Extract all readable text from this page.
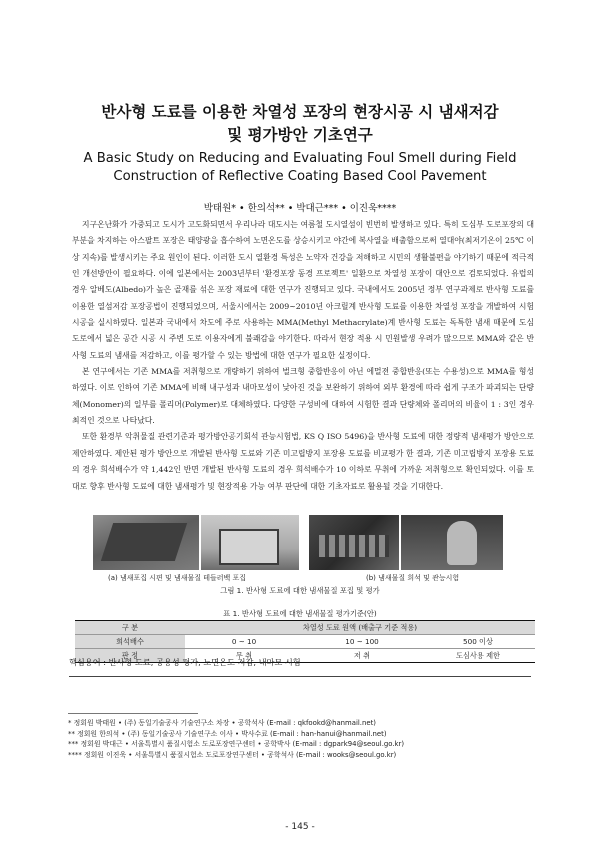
반사형 도료를 이용한 차열성 포장의 현장시공 시 냄새저감
및 평가방안 기초연구
A Basic Study on Reducing and Evaluating Foul Smell during Field
Construction of Reflective Coating Based Cool Pavement
박태원* • 한의석** • 박대근*** • 이진욱****

지구온난화가 가중되고 도시가 고도화되면서 우리나라 대도시는 여름철 도시열섬이 빈번히 발생하고 있다. 특히 도심부 도로포장의 대부분을 차지하는 아스팔트 포장은 태양광을 흡수하여 노면온도를 상승시키고 야간에 복사열을 배출함으로써 열대야(최저기온이 25℃ 이상 지속)를 발생시키는 주요 원인이 된다. 이러한 도시 열환경 특성은 노약자 건강을 저해하고 시민의 생활불편을 야기하기 때문에 적극적인 개선방안이 필요하다. 이에 일본에서는 2003년부터 '환경포장 동경 프로젝트' 일환으로 차열성 포장이 대안으로 검토되었다. 유럽의 경우 알베도(Albedo)가 높은 골재를 섞은 포장 재료에 대한 연구가 진행되고 있다. 국내에서도 2005년 정부 연구과제로 반사형 도료를 이용한 열섬저감 포장공법이 진행되었으며, 서울시에서는 2009~2010년 아크릴계 반사형 도료를 이용한 차열성 포장을 개발하여 시험시공을 실시하였다. 일본과 국내에서 차도에 주로 사용하는 MMA(Methyl Methacrylate)계 반사형 도료는 독특한 냄새 때문에 도심 도로에서 넓은 공간 시공 시 주변 도로 이용자에게 불쾌감을 야기한다. 따라서 현장 적용 시 민원발생 우려가 많으므로 MMA와 같은 반사형 도료의 냄새를 저감하고, 이를 평가할 수 있는 방법에 대한 연구가 필요한 실정이다.

본 연구에서는 기존 MMA를 저취형으로 개량하기 위하여 벌크형 중합반응이 아닌 에멀젼 중합반응(또는 수용성)으로 MMA를 형성하였다. 이로 인하여 기존 MMA에 비해 내구성과 내마모성이 낮아진 것을 보완하기 위하여 외부 환경에 따라 쉽게 구조가 파괴되는 단량체(Monomer)의 일부를 폴리머(Polymer)로 대체하였다. 다양한 구성비에 대하여 시험한 결과 단량체와 폴리머의 비율이 1 : 3인 경우 최적인 것으로 나타났다.

또한 환경부 악취물질 관련기준과 평가방안공기회석 관능시험법, KS Q ISO 5496)을 반사형 도료에 대한 정량적 냄새평가 방안으로 제안하였다. 제안된 평가 방안으로 개발된 반사형 도료와 기존 미고립방지 포장용 도료를 비교평가 한 결과, 기존 미고립방지 포장용 도료의 경우 희석배수가 약 1,442인 반면 개발된 반사형 도료의 경우 희석배수가 10 이하로 무취에 가까운 저취형으로 확인되었다. 이를 토대로 향후 반사형 도료에 대한 냄새평가 및 현장적용 가능 여부 판단에 대한 기초자료로 활용될 것을 기대한다.

(a) 냄새포집 시편 및 냄새물질 테들러백 포집	(b) 냄새물질 희석 및 관능시험
그림 1. 반사형 도료에 대한 냄새물질 포집 및 평가
표 1. 반사형 도료에 대한 냄새물질 평가기준(안)
구 분	차열성 도료 원액 (배출구 기준 적용)		
희석배수	0 ~ 10	10 ~ 100	500 이상
판 정	무 취	저 취	도심사용 제한
핵심용어 : 반사형 도료, 공용성 평가, 노면온도 저감, 내마모 시험
* 정회원 박태원 • (주) 동일기술공사 기술연구소 차장 • 공학석사 (E-mail : qkfookd@hanmail.net)
** 정회원 한의석 • (주) 동일기술공사 기술연구소 이사 • 박사수료 (E-mail : han-hanui@hanmail.net)
*** 정회원 박대근 • 서울특별시 품질시험소 도로포장연구센터 • 공학박사 (E-mail : dgpark94@seoul.go.kr)
**** 정회원 이진욱 • 서울특별시 품질시험소 도로포장연구센터 • 공학석사 (E-mail : wooks@seoul.go.kr)
- 145 -
